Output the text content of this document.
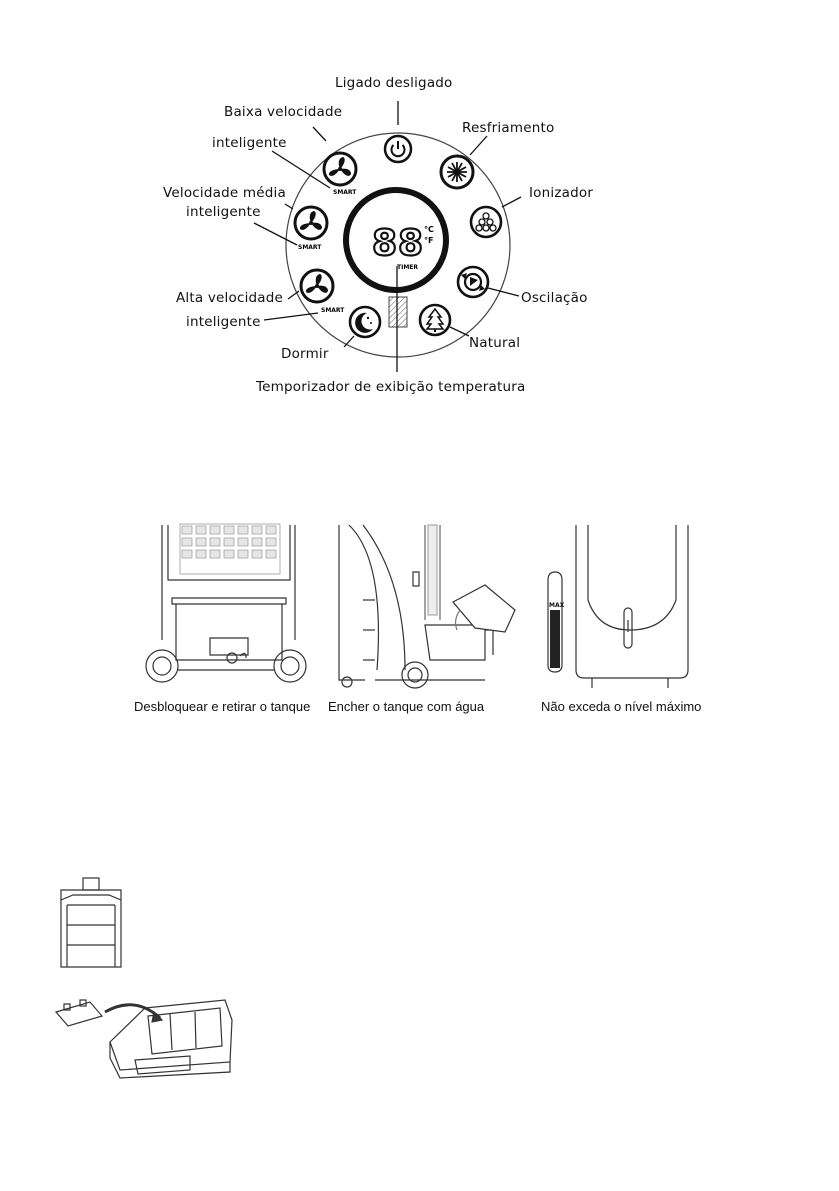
88 °C
°F
TIMER
SMART
SMART
SMART
Ligado desligado
Baixa velocidade
inteligente
Velocidade média
inteligente
Alta velocidade
inteligente
Dormir
Temporizador de exibição temperatura
Resfriamento
Ionizador
Oscilação
Natural
MAX
Desbloquear e retirar o tanque Encher o tanque com água	Não exceda o nível máximo
